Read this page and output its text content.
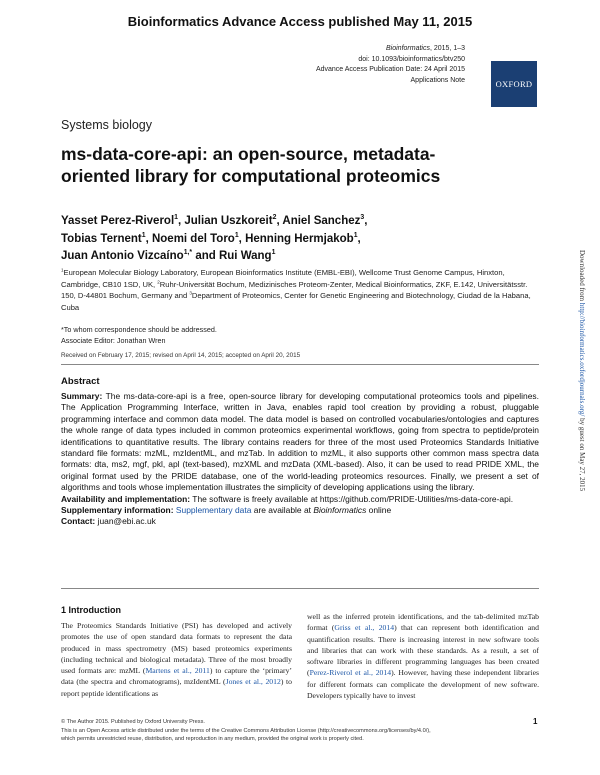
Bioinformatics Advance Access published May 11, 2015
Bioinformatics, 2015, 1–3
doi: 10.1093/bioinformatics/btv250
Advance Access Publication Date: 24 April 2015
Applications Note	OXFORD
Systems biology
ms-data-core-api: an open-source, metadata-oriented library for computational proteomics
Yasset Perez-Riverol$^1$, Julian Uszkoreit$^2$, Aniel Sanchez$^3$,
Tobias Ternent$^1$, Noemi del Toro$^1$, Henning Hermjakob$^1$,
Juan Antonio Vizcaíno$^{1,*}$ and Rui Wang$^1$
$^1$European Molecular Biology Laboratory, European Bioinformatics Institute (EMBL-EBI), Wellcome Trust Genome Campus, Hinxton, Cambridge, CB10 1SD, UK, $^2$Ruhr-Universität Bochum, Medizinisches Proteom-Zenter, Medical Bioinformatics, ZKF, E.142, Universitätsstr. 150, D-44801 Bochum, Germany and $^3$Department of Proteomics, Center for Genetic Engineering and Biotechnology, Ciudad de la Habana, Cuba
*To whom correspondence should be addressed.
Associate Editor: Jonathan Wren
Received on February 17, 2015; revised on April 14, 2015; accepted on April 20, 2015
Abstract
Summary: The ms-data-core-api is a free, open-source library for developing computational proteomics tools and pipelines. The Application Programming Interface, written in Java, enables rapid tool creation by providing a robust, pluggable programming interface and common data model. The data model is based on controlled vocabularies/ontologies and captures the whole range of data types included in common proteomics experimental workflows, going from spectra to peptide/protein identifications to quantitative results. The library contains readers for three of the most used Proteomics Standards Initiative standard file formats: mzML, mzIdentML, and mzTab. In addition to mzML, it also supports other common mass spectra data formats: dta, ms2, mgf, pkl, apl (text-based), mzXML and mzData (XML-based). Also, it can be used to read PRIDE XML, the original format used by the PRIDE database, one of the world-leading proteomics resources. Finally, we present a set of algorithms and tools whose implementation illustrates the simplicity of developing applications using the library.
Availability and implementation: The software is freely available at https://github.com/PRIDE-Utilities/ms-data-core-api.
Supplementary information: Supplementary data are available at Bioinformatics online
Contact: juan@ebi.ac.uk
1 Introduction
The Proteomics Standards Initiative (PSI) has developed and actively promotes the use of open standard data formats to represent the data produced in mass spectrometry (MS) based proteomics experiments (including technical and biological metadata). Three of the most broadly used formats are: mzML (Martens et al., 2011) to capture the ‘primary’ data (the spectra and chromatograms), mzIdentML (Jones et al., 2012) to report peptide identifications as
well as the inferred protein identifications, and the tab-delimited mzTab format (Griss et al., 2014) that can represent both identification and quantification results. There is increasing interest in new software tools and libraries that can work with these standards. As a result, a set of software libraries in different programming languages has been created (Perez-Riverol et al., 2014). However, having these independent libraries for different formats can complicate the development of new software. Developers typically have to invest
© The Author 2015. Published by Oxford University Press.
This is an Open Access article distributed under the terms of the Creative Commons Attribution License (http://creativecommons.org/licenses/by/4.0/),
which permits unrestricted reuse, distribution, and reproduction in any medium, provided the original work is properly cited.
1
Downloaded from http://bioinformatics.oxfordjournals.org/ by guest on May 27, 2015
